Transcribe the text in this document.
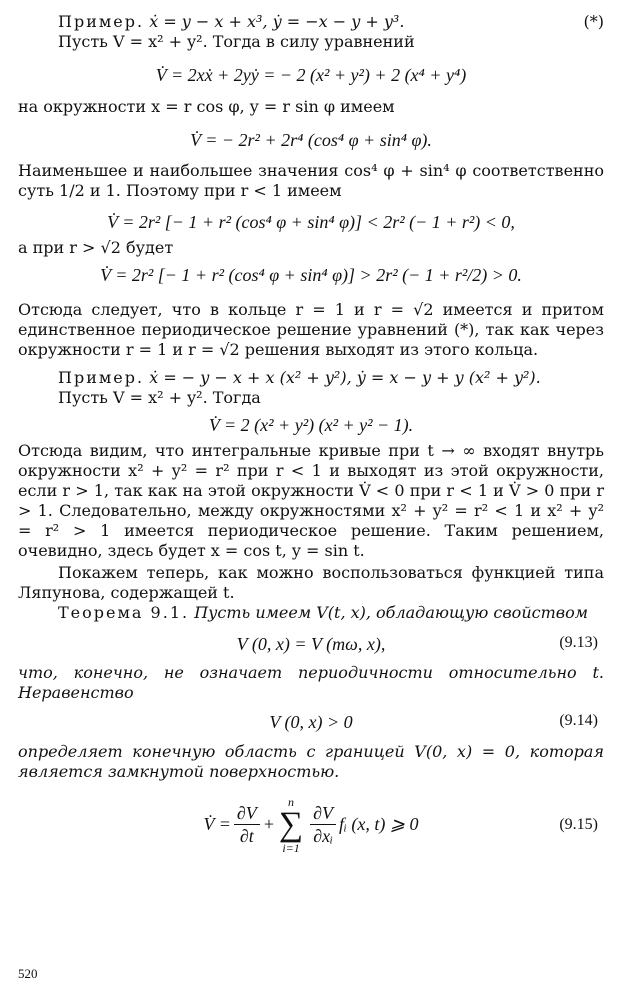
Пример. ẋ = y − x + x³, ẏ = −x − y + y³.	(*)

Пусть V = x² + y². Тогда в силу уравнений

V̇ = 2xẋ + 2yẏ = − 2 (x² + y²) + 2 (x⁴ + y⁴)

на окружности x = r cos φ, y = r sin φ имеем

V̇ = − 2r² + 2r⁴ (cos⁴ φ + sin⁴ φ).

Наименьшее и наибольшее значения cos⁴ φ + sin⁴ φ соответственно суть 1/2 и 1. Поэтому при r < 1 имеем

V̇ = 2r² [− 1 + r² (cos⁴ φ + sin⁴ φ)] < 2r² (− 1 + r²) < 0,

а при r > √2 будет

V̇ = 2r² [− 1 + r² (cos⁴ φ + sin⁴ φ)] > 2r² (− 1 + r²/2) > 0.

Отсюда следует, что в кольце r = 1 и r = √2 имеется и притом единственное периодическое решение уравнений (*), так как через окружности r = 1 и r = √2 решения выходят из этого кольца.

Пример. ẋ = − y − x + x (x² + y²), ẏ = x − y + y (x² + y²).

Пусть V = x² + y². Тогда

V̇ = 2 (x² + y²) (x² + y² − 1).

Отсюда видим, что интегральные кривые при t → ∞ входят внутрь окружности x² + y² = r² при r < 1 и выходят из этой окружности, если r > 1, так как на этой окружности V̇ < 0 при r < 1 и V̇ > 0 при r > 1. Следовательно, между окружностями x² + y² = r² < 1 и x² + y² = r² > 1 имеется периодическое решение. Таким решением, очевидно, здесь будет x = cos t, y = sin t.

Покажем теперь, как можно воспользоваться функцией типа Ляпунова, содержащей t.

Теорема 9.1. Пусть имеем V(t, x), обладающую свойством

V (0, x) = V (mω, x),	(9.13)

что, конечно, не означает периодичности относительно t. Неравенство

V (0, x) > 0	(9.14)

определяет конечную область с границей V(0, x) = 0, которая является замкнутой поверхностью.

V̇ = $\frac{\partial V}{\partial t}$ +
n
∑
$i=1 \frac{\partial V}{\text{∂xᵢ}}$ fᵢ (x, t) ⩾ 0	(9.15)
520
